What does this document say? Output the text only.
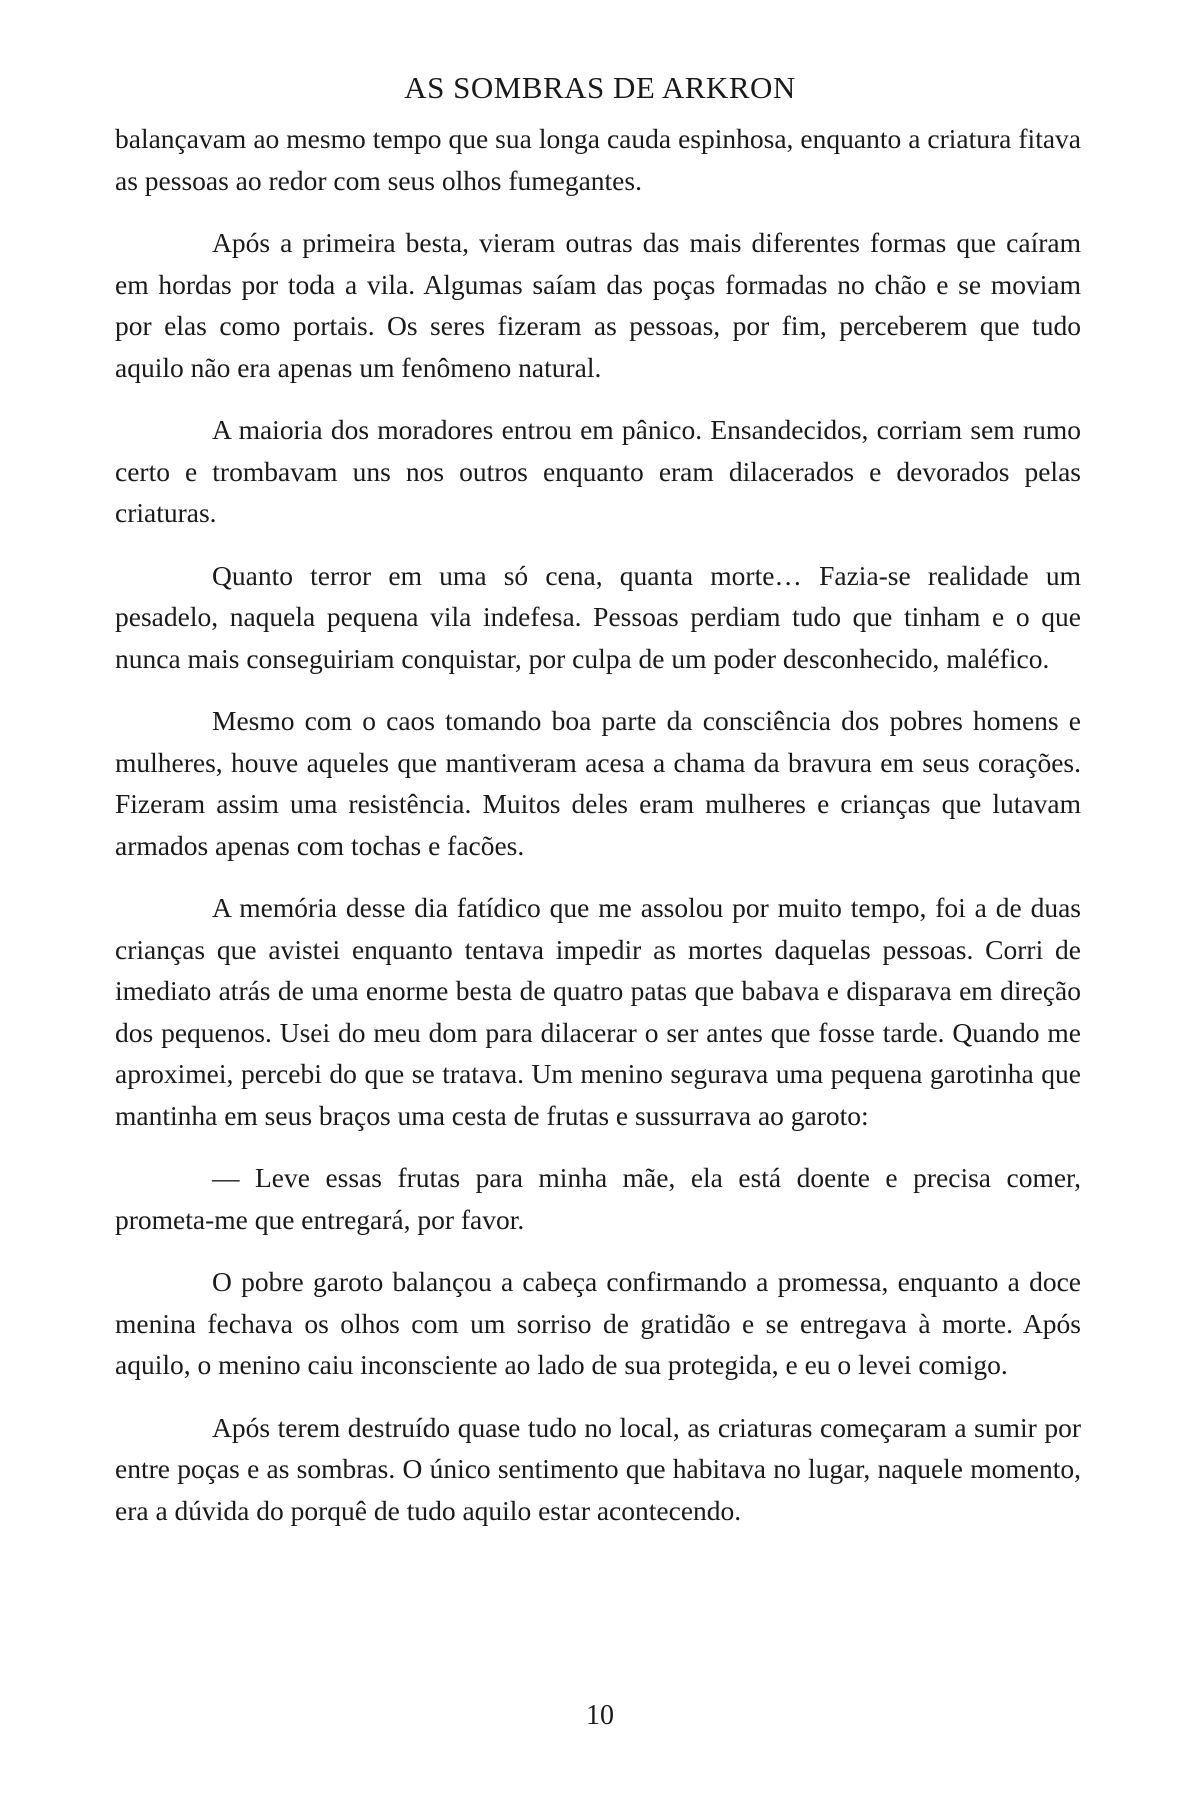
AS SOMBRAS DE ARKRON

balançavam ao mesmo tempo que sua longa cauda espinhosa, enquanto a criatura fitava as pessoas ao redor com seus olhos fumegantes.

Após a primeira besta, vieram outras das mais diferentes formas que caíram em hordas por toda a vila. Algumas saíam das poças formadas no chão e se moviam por elas como portais. Os seres fizeram as pessoas, por fim, perceberem que tudo aquilo não era apenas um fenômeno natural.

A maioria dos moradores entrou em pânico. Ensandecidos, corriam sem rumo certo e trombavam uns nos outros enquanto eram dilacerados e devorados pelas criaturas.

Quanto terror em uma só cena, quanta morte… Fazia-se realidade um pesadelo, naquela pequena vila indefesa. Pessoas perdiam tudo que tinham e o que nunca mais conseguiriam conquistar, por culpa de um poder desconhecido, maléfico.

Mesmo com o caos tomando boa parte da consciência dos pobres homens e mulheres, houve aqueles que mantiveram acesa a chama da bravura em seus corações. Fizeram assim uma resistência. Muitos deles eram mulheres e crianças que lutavam armados apenas com tochas e facões.

A memória desse dia fatídico que me assolou por muito tempo, foi a de duas crianças que avistei enquanto tentava impedir as mortes daquelas pessoas. Corri de imediato atrás de uma enorme besta de quatro patas que babava e disparava em direção dos pequenos. Usei do meu dom para dilacerar o ser antes que fosse tarde. Quando me aproximei, percebi do que se tratava. Um menino segurava uma pequena garotinha que mantinha em seus braços uma cesta de frutas e sussurrava ao garoto:

— Leve essas frutas para minha mãe, ela está doente e precisa comer, prometa-me que entregará, por favor.

O pobre garoto balançou a cabeça confirmando a promessa, enquanto a doce menina fechava os olhos com um sorriso de gratidão e se entregava à morte. Após aquilo, o menino caiu inconsciente ao lado de sua protegida, e eu o levei comigo.

Após terem destruído quase tudo no local, as criaturas começaram a sumir por entre poças e as sombras. O único sentimento que habitava no lugar, naquele momento, era a dúvida do porquê de tudo aquilo estar acontecendo.

10
